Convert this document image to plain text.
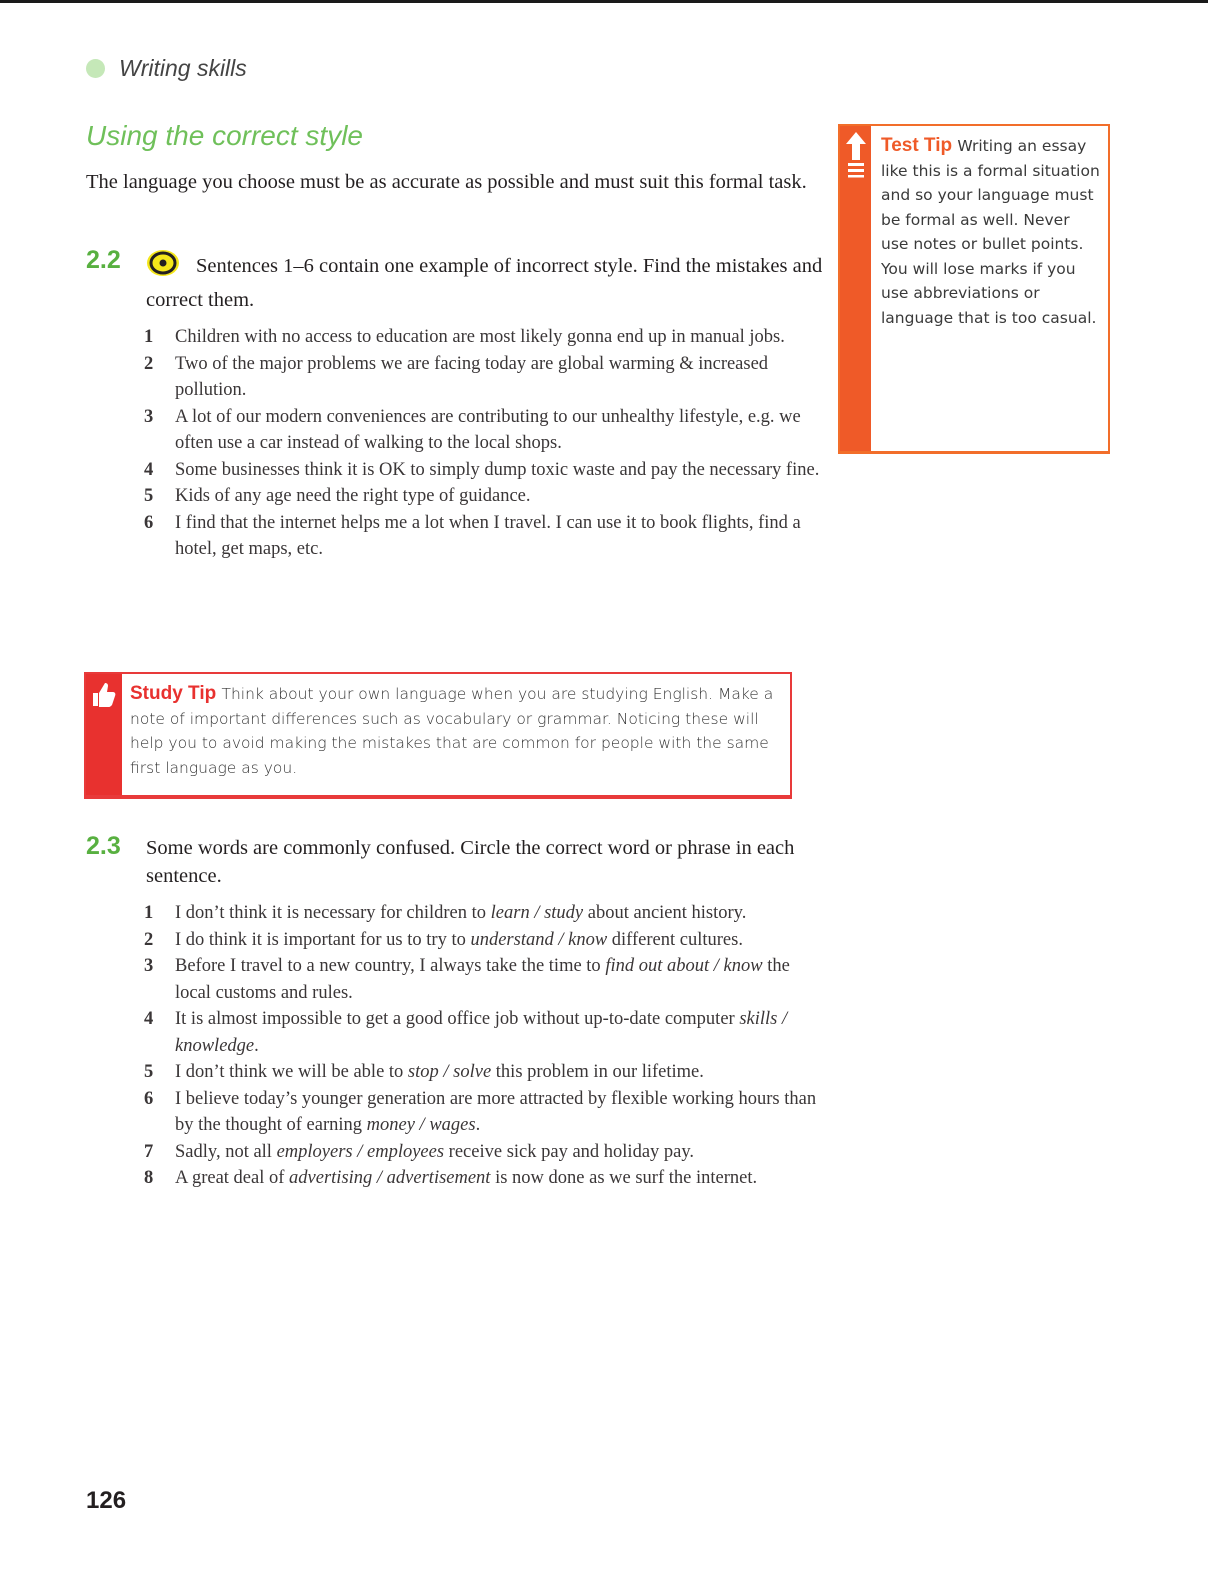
Writing skills
Using the correct style

The language you choose must be as accurate as possible and must suit this formal task.

2.2	Sentences 1–6 contain one example of incorrect style. Find the mistakes and correct them.

1 Children with no access to education are most likely gonna end up in manual jobs.
2 Two of the major problems we are facing today are global warming & increased pollution.
3 A lot of our modern conveniences are contributing to our unhealthy lifestyle, e.g. we often use a car instead of walking to the local shops.
4 Some businesses think it is OK to simply dump toxic waste and pay the necessary fine.
5 Kids of any age need the right type of guidance.
6 I find that the internet helps me a lot when I travel. I can use it to book flights, find a hotel, get maps, etc.
Study Tip Think about your own language when you are studying English. Make a note of important differences such as vocabulary or grammar. Noticing these will help you to avoid making the mistakes that are common for people with the same first language as you.
Test Tip Writing an essay like this is a formal situation and so your language must be formal as well. Never use notes or bullet points. You will lose marks if you use abbreviations or language that is too casual.

2.3 Some words are commonly confused. Circle the correct word or phrase in each sentence.

1 I don’t think it is necessary for children to learn / study about ancient history.
2 I do think it is important for us to try to understand / know different cultures.
3 Before I travel to a new country, I always take the time to find out about / know the local customs and rules.
4 It is almost impossible to get a good office job without up-to-date computer skills / knowledge.
5 I don’t think we will be able to stop / solve this problem in our lifetime.
6 I believe today’s younger generation are more attracted by flexible working hours than by the thought of earning money / wages.
7 Sadly, not all employers / employees receive sick pay and holiday pay.
8 A great deal of advertising / advertisement is now done as we surf the internet.
126
